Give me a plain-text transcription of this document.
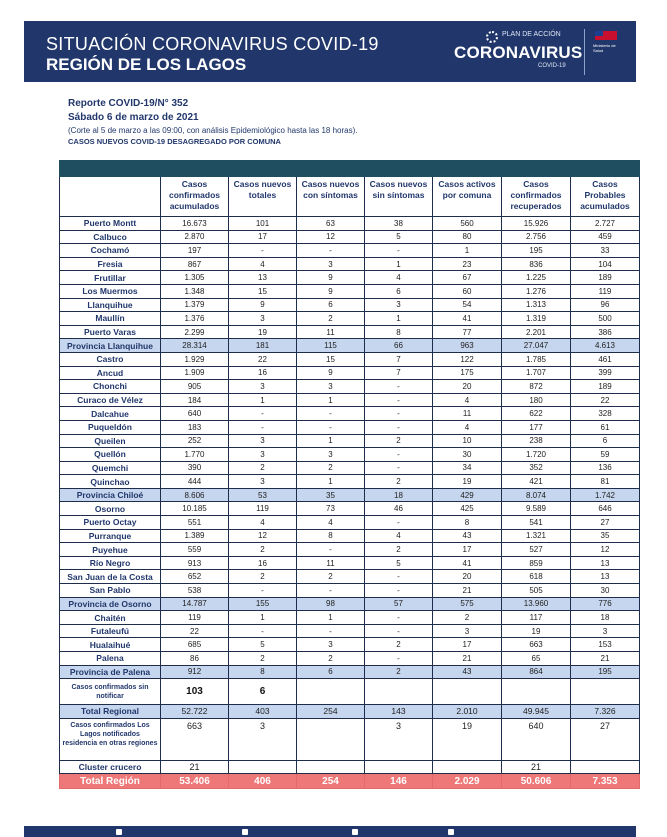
SITUACIÓN CORONAVIRUS COVID-19
REGIÓN DE LOS LAGOS
PLAN DE ACCIÓN
CORONAVIRUS
COVID-19
Ministerio de Salud
Reporte COVID-19/N° 352
Sábado 6 de marzo de 2021
(Corte al 5 de marzo a las 09:00, con análisis Epidemiológico hasta las 18 horas).
CASOS NUEVOS COVID-19 DESAGREGADO POR COMUNA

	Casos confirmados acumulados	Casos nuevos totales	Casos nuevos con síntomas	Casos nuevos sin síntomas	Casos activos por comuna	Casos confirmados recuperados	Casos Probables acumulados
Puerto Montt	16.673	101	63	38	560	15.926	2.727
Calbuco	2.870	17	12	5	80	2.756	459
Cochamó	197	-	-	-	1	195	33
Fresia	867	4	3	1	23	836	104
Frutillar	1.305	13	9	4	67	1.225	189
Los Muermos	1.348	15	9	6	60	1.276	119
Llanquihue	1.379	9	6	3	54	1.313	96
Maullín	1.376	3	2	1	41	1.319	500
Puerto Varas	2.299	19	11	8	77	2.201	386
Provincia Llanquihue	28.314	181	115	66	963	27.047	4.613
Castro	1.929	22	15	7	122	1.785	461
Ancud	1.909	16	9	7	175	1.707	399
Chonchi	905	3	3	-	20	872	189
Curaco de Vélez	184	1	1	-	4	180	22
Dalcahue	640	-	-	-	11	622	328
Puqueldón	183	-	-	-	4	177	61
Queilen	252	3	1	2	10	238	6
Quellón	1.770	3	3	-	30	1.720	59
Quemchi	390	2	2	-	34	352	136
Quinchao	444	3	1	2	19	421	81
Provincia Chiloé	8.606	53	35	18	429	8.074	1.742
Osorno	10.185	119	73	46	425	9.589	646
Puerto Octay	551	4	4	-	8	541	27
Purranque	1.389	12	8	4	43	1.321	35
Puyehue	559	2	-	2	17	527	12
Río Negro	913	16	11	5	41	859	13
San Juan de la Costa	652	2	2	-	20	618	13
San Pablo	538	-	-	-	21	505	30
Provincia de Osorno	14.787	155	98	57	575	13.960	776
Chaitén	119	1	1	-	2	117	18
Futaleufú	22	-	-	-	3	19	3
Hualaihué	685	5	3	2	17	663	153
Palena	86	2	2	-	21	65	21
Provincia de Palena	912	8	6	2	43	864	195
Casos confirmados sin notificar	103	6					
Total Regional	52.722	403	254	143	2.010	49.945	7.326
Casos confirmados Los Lagos notificados residencia en otras regiones	663	3		3	19	640	27
Cluster crucero	21					21	
Total Región	53.406	406	254	146	2.029	50.606	7.353
